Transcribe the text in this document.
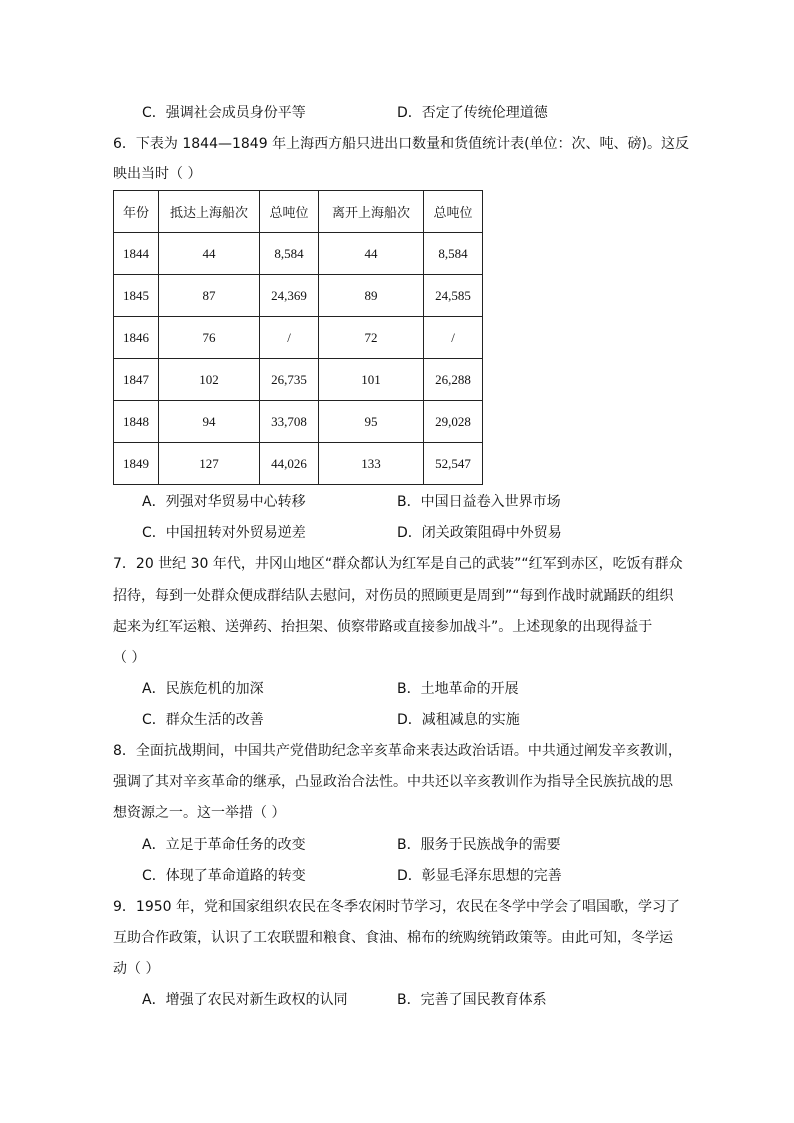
C．强调社会成员身份平等	D．否定了传统伦理道德
6．下表为 1844—1849 年上海西方船只进出口数量和货值统计表(单位：次、吨、磅)。这反
映出当时（ ）
年份	抵达上海船次	总吨位	离开上海船次	总吨位
1844	44	8,584	44	8,584
1845	87	24,369	89	24,585
1846	76	/	72	/
1847	102	26,735	101	26,288
1848	94	33,708	95	29,028
1849	127	44,026	133	52,547
A．列强对华贸易中心转移	B．中国日益卷入世界市场
C．中国扭转对外贸易逆差	D．闭关政策阻碍中外贸易
7．20 世纪 30 年代，井冈山地区“群众都认为红军是自己的武装”“红军到赤区，吃饭有群众
招待，每到一处群众便成群结队去慰问，对伤员的照顾更是周到”“每到作战时就踊跃的组织
起来为红军运粮、送弹药、抬担架、侦察带路或直接参加战斗”。上述现象的出现得益于
（ ）
A．民族危机的加深	B．土地革命的开展
C．群众生活的改善	D．减租减息的实施
8．全面抗战期间，中国共产党借助纪念辛亥革命来表达政治话语。中共通过阐发辛亥教训，
强调了其对辛亥革命的继承，凸显政治合法性。中共还以辛亥教训作为指导全民族抗战的思
想资源之一。这一举措（ ）
A．立足于革命任务的改变	B．服务于民族战争的需要
C．体现了革命道路的转变	D．彰显毛泽东思想的完善
9．1950 年，党和国家组织农民在冬季农闲时节学习，农民在冬学中学会了唱国歌，学习了
互助合作政策，认识了工农联盟和粮食、食油、棉布的统购统销政策等。由此可知，冬学运
动（ ）
A．增强了农民对新生政权的认同	B．完善了国民教育体系
